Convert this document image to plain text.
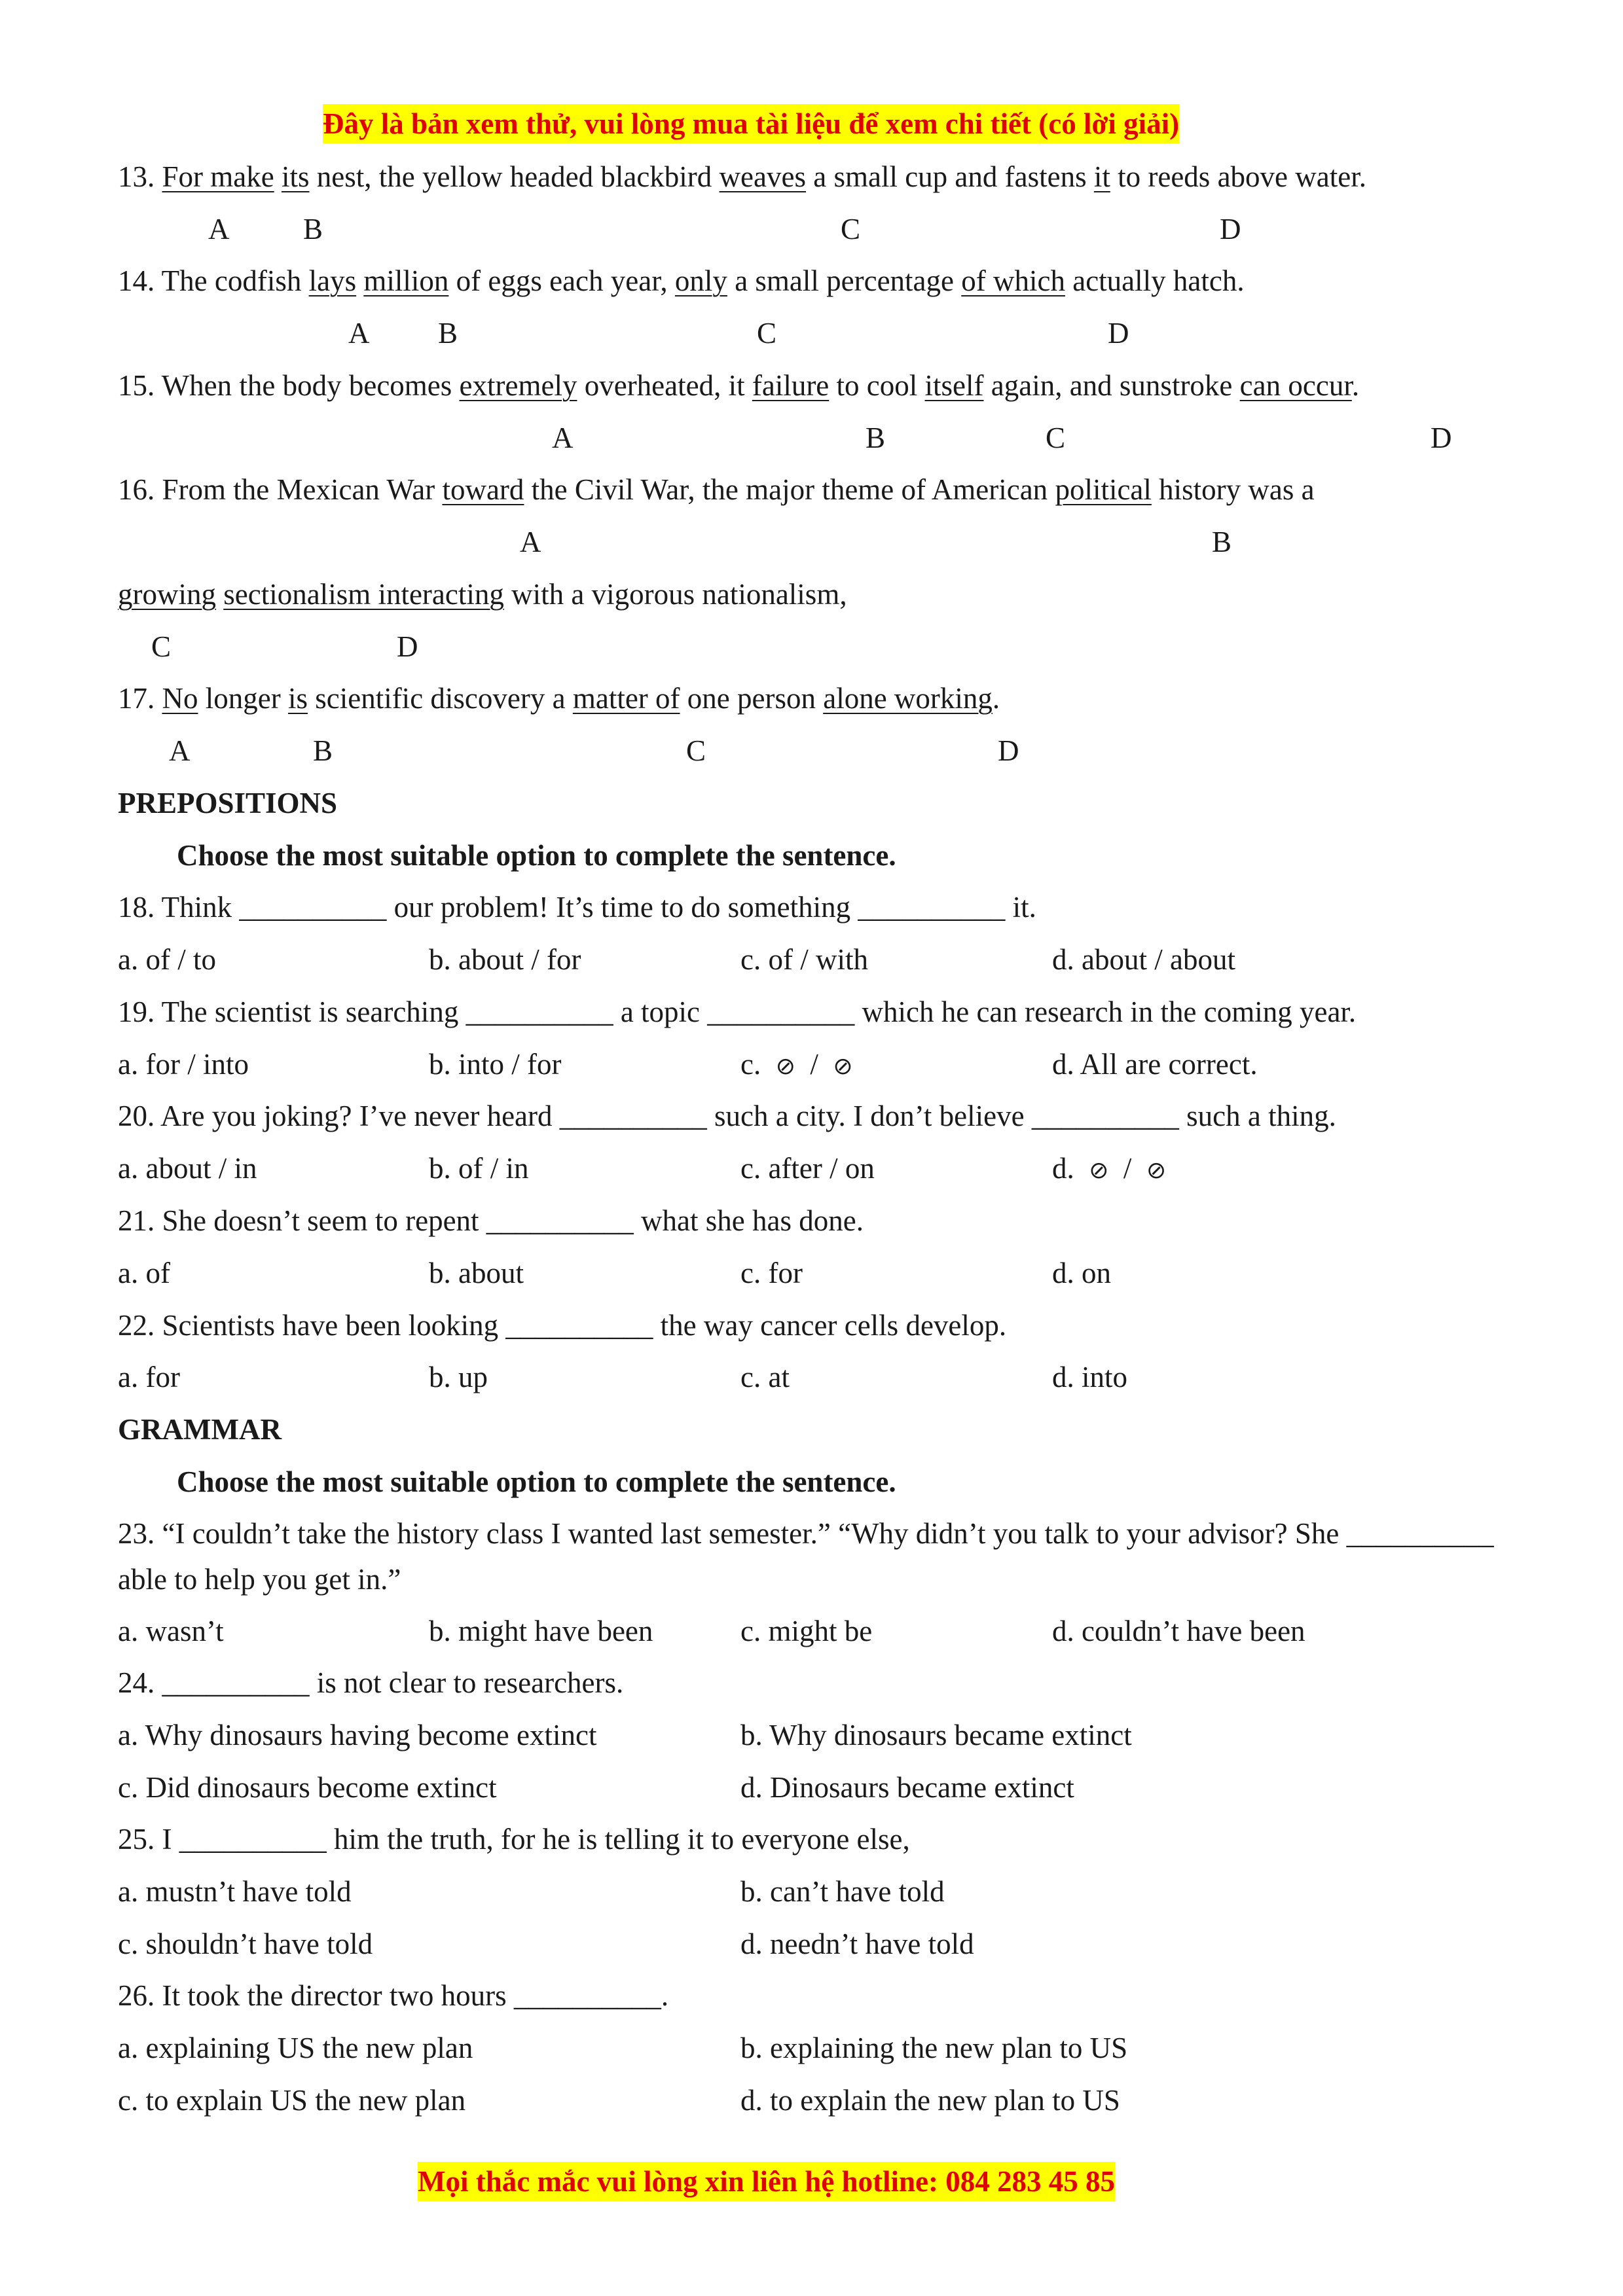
Đây là bản xem thử, vui lòng mua tài liệu để xem chi tiết (có lời giải)
13. For make its nest, the yellow headed blackbird weaves a small cup and fastens it to reeds above water.
A	B	C	D
14. The codfish lays million of eggs each year, only a small percentage of which actually hatch.
A B	C	D
15. When the body becomes extremely overheated, it failure to cool itself again, and sunstroke can occur.
A	B	C	D
16. From the Mexican War toward the Civil War, the major theme of American political history was a
A	B
growing sectionalism interacting with a vigorous nationalism,
C	D
17. No longer is scientific discovery a matter of one person alone working.
A	B	C	D
PREPOSITIONS
Choose the most suitable option to complete the sentence.
18. Think __________ our problem! It’s time to do something __________ it.
a. of / to	b. about / for	c. of / with	d. about / about
19. The scientist is searching __________ a topic __________ which he can research in the coming year.
a. for / into	b. into / for	c. ⊘ / ⊘	d. All are correct.
20. Are you joking? I’ve never heard __________ such a city. I don’t believe __________ such a thing.
a. about / in	b. of / in	c. after / on	d. ⊘ / ⊘
21. She doesn’t seem to repent __________ what she has done.
a. of	b. about	c. for	d. on
22. Scientists have been looking __________ the way cancer cells develop.
a. for	b. up	c. at	d. into
GRAMMAR
Choose the most suitable option to complete the sentence.
23. “I couldn’t take the history class I wanted last semester.” “Why didn’t you talk to your advisor? She __________ able to help you get in.”
a. wasn’t	b. might have been	c. might be	d. couldn’t have been
24. __________ is not clear to researchers.
a. Why dinosaurs having become extinct	b. Why dinosaurs became extinct
c. Did dinosaurs become extinct	d. Dinosaurs became extinct
25. I __________ him the truth, for he is telling it to everyone else,
a. mustn’t have told	b. can’t have told
c. shouldn’t have told	d. needn’t have told
26. It took the director two hours __________.
a. explaining US the new plan	b. explaining the new plan to US
c. to explain US the new plan	d. to explain the new plan to US
Mọi thắc mắc vui lòng xin liên hệ hotline: 084 283 45 85
